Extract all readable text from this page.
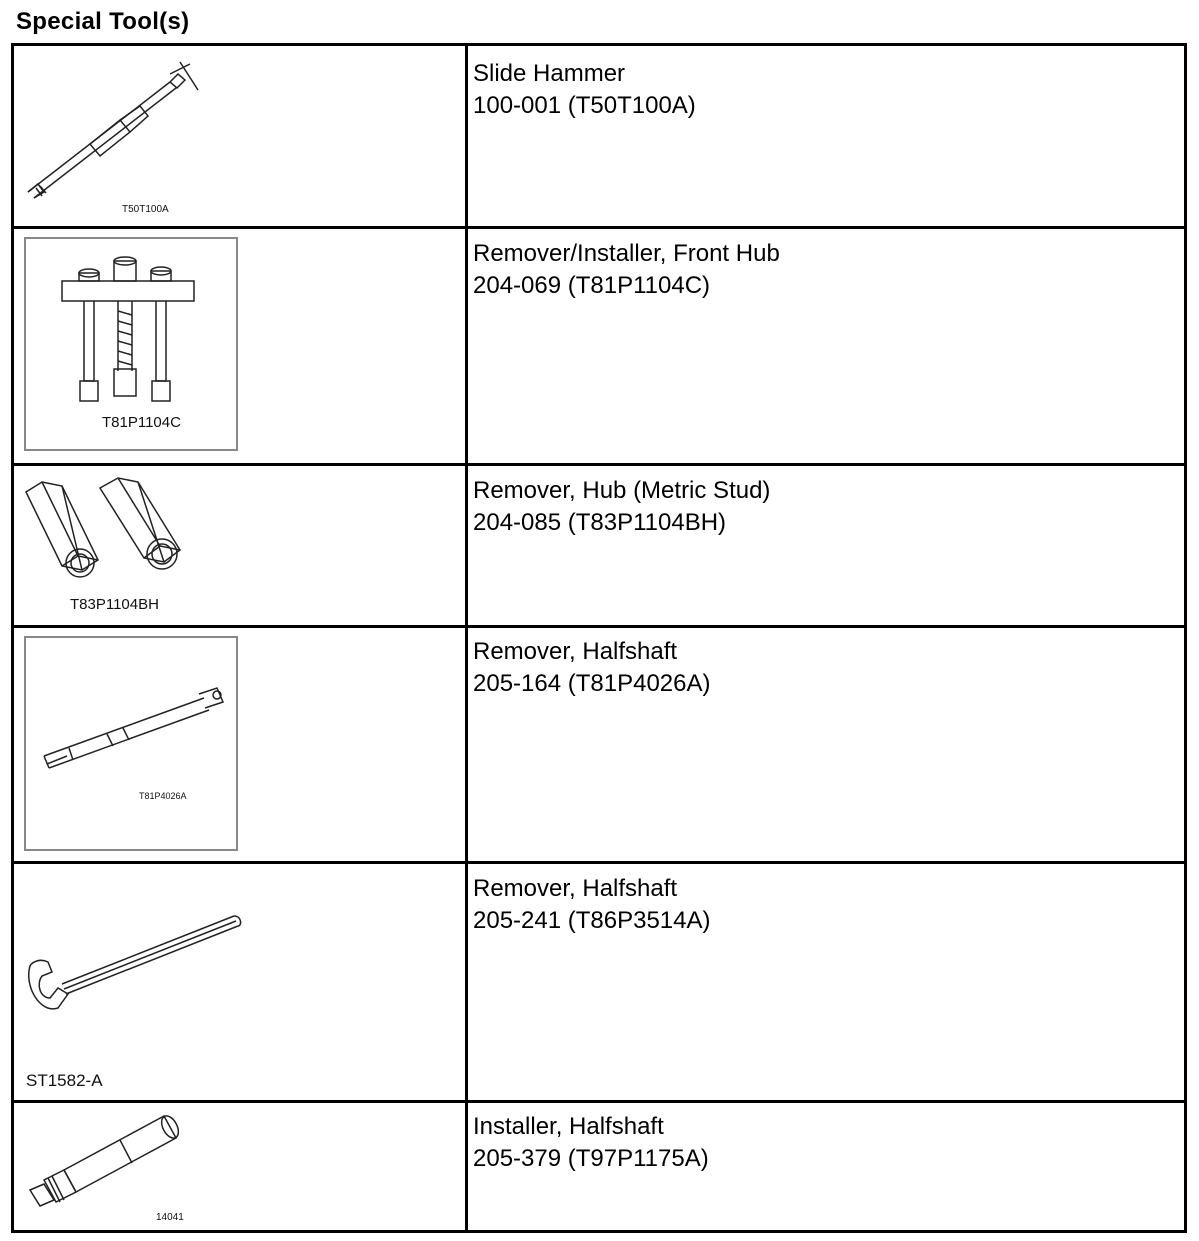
Special Tool(s)
Slide Hammer
100-001 (T50T100A)
T50T100A
Remover/Installer, Front Hub
204-069 (T81P1104C)
T81P1104C
Remover, Hub (Metric Stud)
204-085 (T83P1104BH)
T83P1104BH
Remover, Halfshaft
205-164 (T81P4026A)
T81P4026A
Remover, Halfshaft
205-241 (T86P3514A)
ST1582-A
Installer, Halfshaft
205-379 (T97P1175A)
14041
